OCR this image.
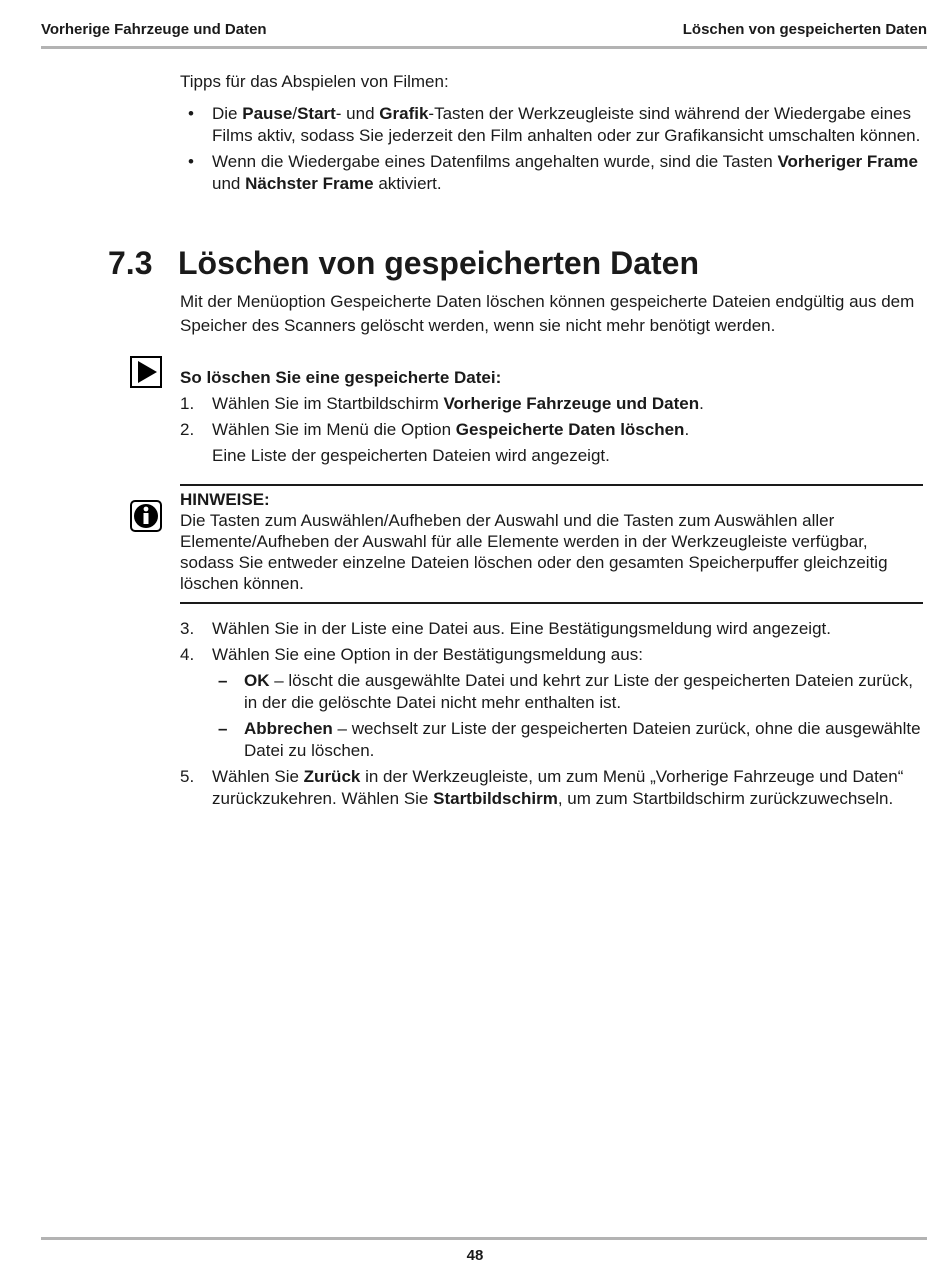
Vorherige Fahrzeuge und Daten	Löschen von gespeicherten Daten

Tipps für das Abspielen von Filmen:

• Die Pause/Start- und Grafik-Tasten der Werkzeugleiste sind während der Wiedergabe eines Films aktiv, sodass Sie jederzeit den Film anhalten oder zur Grafikansicht umschalten können.
• Wenn die Wiedergabe eines Datenfilms angehalten wurde, sind die Tasten Vorheriger Frame und Nächster Frame aktiviert.
7.3 Löschen von gespeicherten Daten

Mit der Menüoption Gespeicherte Daten löschen können gespeicherte Dateien endgültig aus dem Speicher des Scanners gelöscht werden, wenn sie nicht mehr benötigt werden.

So löschen Sie eine gespeicherte Datei:
1. Wählen Sie im Startbildschirm Vorherige Fahrzeuge und Daten.
2. Wählen Sie im Menü die Option Gespeicherte Daten löschen.
Eine Liste der gespeicherten Dateien wird angezeigt.
HINWEISE:
Die Tasten zum Auswählen/Aufheben der Auswahl und die Tasten zum Auswählen aller Elemente/Aufheben der Auswahl für alle Elemente werden in der Werkzeugleiste verfügbar, sodass Sie entweder einzelne Dateien löschen oder den gesamten Speicherpuffer gleichzeitig löschen können.
3. Wählen Sie in der Liste eine Datei aus. Eine Bestätigungsmeldung wird angezeigt.
4. Wählen Sie eine Option in der Bestätigungsmeldung aus:
– OK – löscht die ausgewählte Datei und kehrt zur Liste der gespeicherten Dateien zurück, in der die gelöschte Datei nicht mehr enthalten ist.
– Abbrechen – wechselt zur Liste der gespeicherten Dateien zurück, ohne die ausgewählte Datei zu löschen.
5. Wählen Sie Zurück in der Werkzeugleiste, um zum Menü „Vorherige Fahrzeuge und Daten“ zurückzukehren. Wählen Sie Startbildschirm, um zum Startbildschirm zurückzuwechseln.
48
